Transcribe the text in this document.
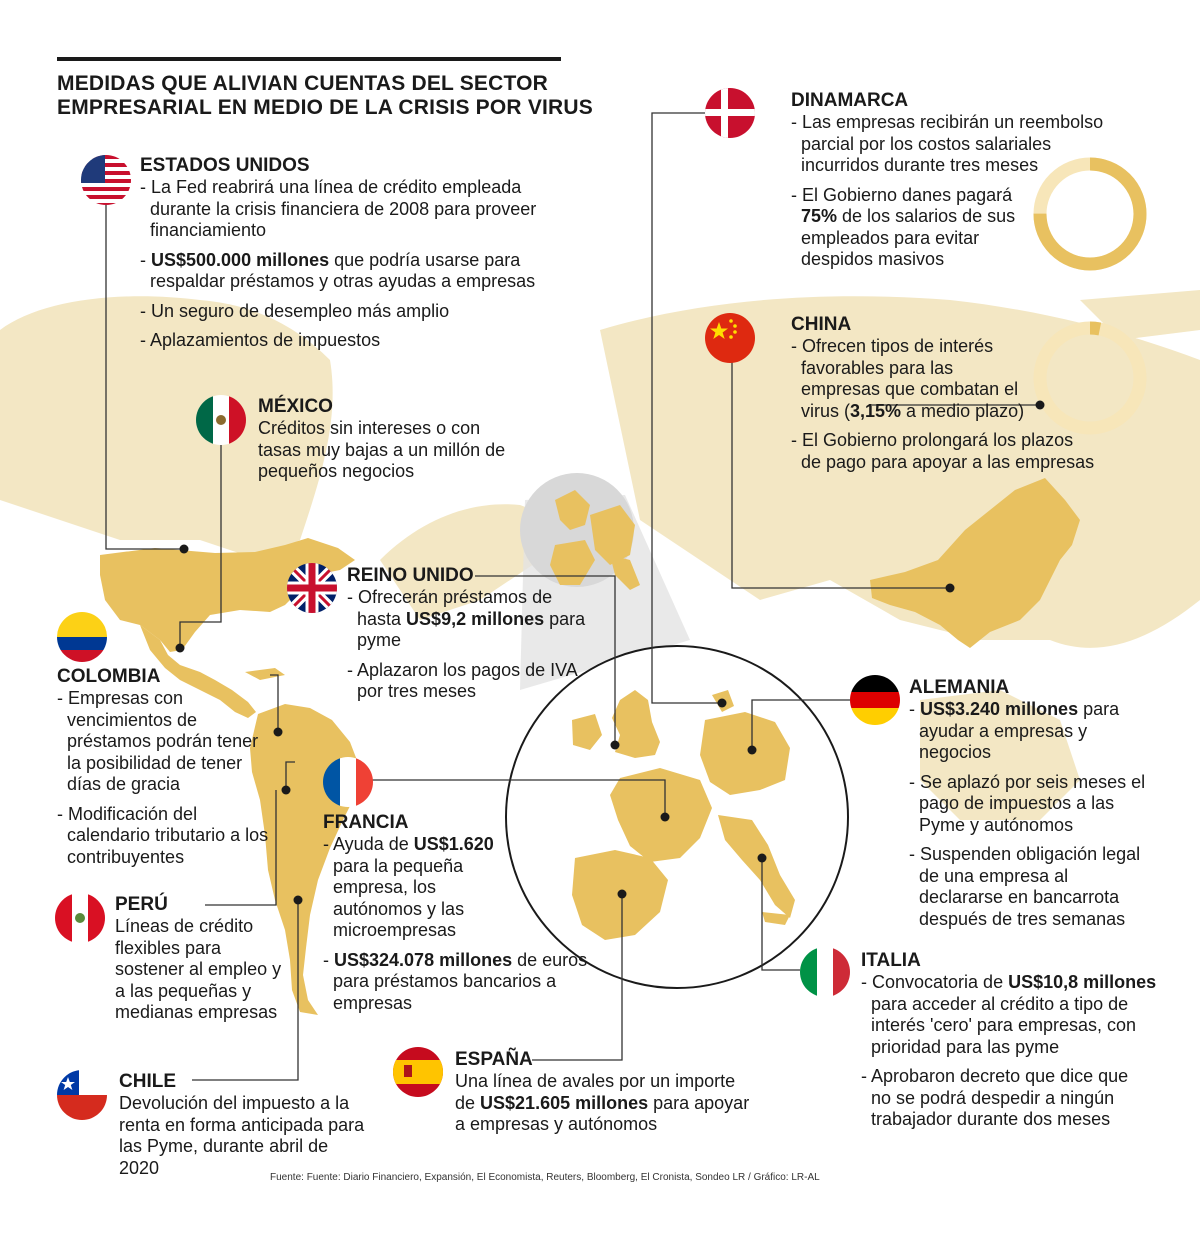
MEDIDAS QUE ALIVIAN CUENTAS DEL SECTOR
EMPRESARIAL EN MEDIO DE LA CRISIS POR VIRUS
ESTADOS UNIDOS
- La Fed reabrirá una línea de crédito empleada durante la crisis financiera de 2008 para proveer financiamiento
- US$500.000 millones que podría usarse para respaldar préstamos y otras ayudas a empresas
- Un seguro de desempleo más amplio
- Aplazamientos de impuestos
MÉXICO
Créditos sin intereses o con tasas muy bajas a un millón de pequeños negocios
COLOMBIA
- Empresas con vencimientos de préstamos podrán tener la posibilidad de tener días de gracia
- Modificación del calendario tributario a los contribuyentes
PERÚ
Líneas de crédito flexibles para sostener al empleo y a las pequeñas y medianas empresas
CHILE
Devolución del impuesto a la renta en forma anticipada para las Pyme, durante abril de 2020
REINO UNIDO
- Ofrecerán préstamos de hasta US$9,2 millones para pyme
- Aplazaron los pagos de IVA por tres meses
FRANCIA
- Ayuda de US$1.620 para la pequeña empresa, los autónomos y las microempresas
- US$324.078 millones de euros para préstamos bancarios a empresas
ESPAÑA
Una línea de avales por un importe de US$21.605 millones para apoyar a empresas y autónomos
DINAMARCA
- Las empresas recibirán un reembolso parcial por los costos salariales incurridos durante tres meses
- El Gobierno danes pagará 75% de los salarios de sus empleados para evitar despidos masivos
CHINA
- Ofrecen tipos de interés favorables para las empresas que combatan el virus (3,15% a medio plazo)
- El Gobierno prolongará los plazos de pago para apoyar a las empresas
ALEMANIA
- US$3.240 millones para ayudar a empresas y negocios
- Se aplazó por seis meses el pago de impuestos a las Pyme y autónomos
- Suspenden obligación legal de una empresa al declararse en bancarrota después de tres semanas
ITALIA
- Convocatoria de US$10,8 millones para acceder al crédito a tipo de interés 'cero' para empresas, con prioridad para las pyme
- Aprobaron decreto que dice que no se podrá despedir a ningún trabajador durante dos meses
Fuente: Fuente: Diario Financiero, Expansión, El Economista, Reuters, Bloomberg, El Cronista, Sondeo LR / Gráfico: LR-AL
